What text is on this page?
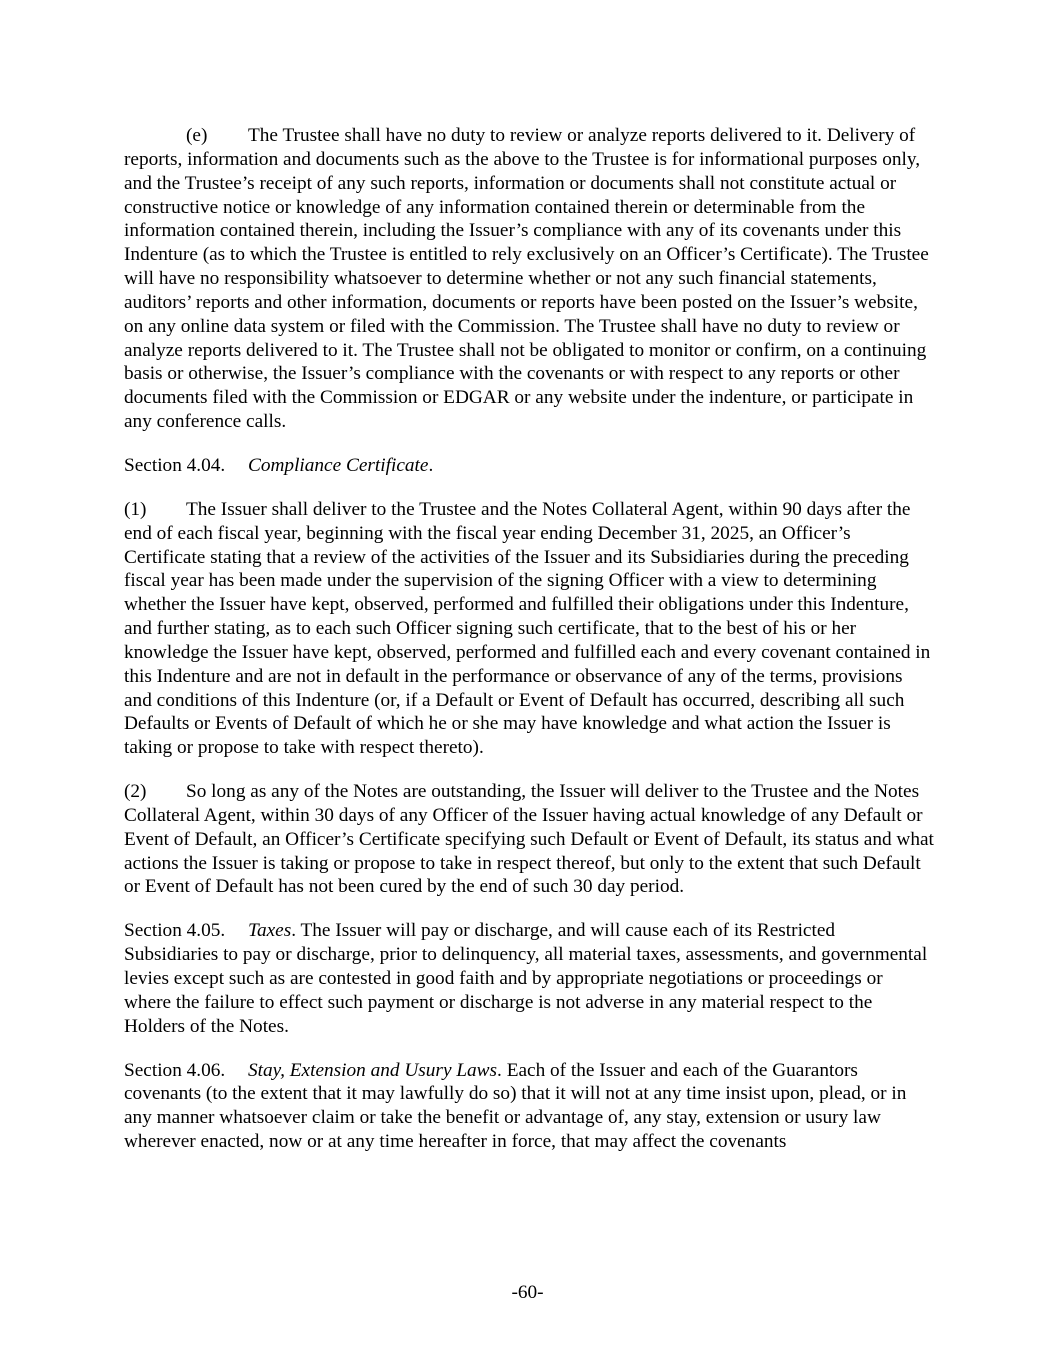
(e) The Trustee shall have no duty to review or analyze reports delivered to it. Delivery of reports, information and documents such as the above to the Trustee is for informational purposes only, and the Trustee’s receipt of any such reports, information or documents shall not constitute actual or constructive notice or knowledge of any information contained therein or determinable from the information contained therein, including the Issuer’s compliance with any of its covenants under this Indenture (as to which the Trustee is entitled to rely exclusively on an Officer’s Certificate). The Trustee will have no responsibility whatsoever to determine whether or not any such financial statements, auditors’ reports and other information, documents or reports have been posted on the Issuer’s website, on any online data system or filed with the Commission. The Trustee shall have no duty to review or analyze reports delivered to it. The Trustee shall not be obligated to monitor or confirm, on a continuing basis or otherwise, the Issuer’s compliance with the covenants or with respect to any reports or other documents filed with the Commission or EDGAR or any website under the indenture, or participate in any conference calls.

Section 4.04. Compliance Certificate.

(1) The Issuer shall deliver to the Trustee and the Notes Collateral Agent, within 90 days after the end of each fiscal year, beginning with the fiscal year ending December 31, 2025, an Officer’s Certificate stating that a review of the activities of the Issuer and its Subsidiaries during the preceding fiscal year has been made under the supervision of the signing Officer with a view to determining whether the Issuer have kept, observed, performed and fulfilled their obligations under this Indenture, and further stating, as to each such Officer signing such certificate, that to the best of his or her knowledge the Issuer have kept, observed, performed and fulfilled each and every covenant contained in this Indenture and are not in default in the performance or observance of any of the terms, provisions and conditions of this Indenture (or, if a Default or Event of Default has occurred, describing all such Defaults or Events of Default of which he or she may have knowledge and what action the Issuer is taking or propose to take with respect thereto).

(2) So long as any of the Notes are outstanding, the Issuer will deliver to the Trustee and the Notes Collateral Agent, within 30 days of any Officer of the Issuer having actual knowledge of any Default or Event of Default, an Officer’s Certificate specifying such Default or Event of Default, its status and what actions the Issuer is taking or propose to take in respect thereof, but only to the extent that such Default or Event of Default has not been cured by the end of such 30 day period.

Section 4.05. Taxes. The Issuer will pay or discharge, and will cause each of its Restricted Subsidiaries to pay or discharge, prior to delinquency, all material taxes, assessments, and governmental levies except such as are contested in good faith and by appropriate negotiations or proceedings or where the failure to effect such payment or discharge is not adverse in any material respect to the Holders of the Notes.

Section 4.06. Stay, Extension and Usury Laws. Each of the Issuer and each of the Guarantors covenants (to the extent that it may lawfully do so) that it will not at any time insist upon, plead, or in any manner whatsoever claim or take the benefit or advantage of, any stay, extension or usury law wherever enacted, now or at any time hereafter in force, that may affect the covenants

-60-
